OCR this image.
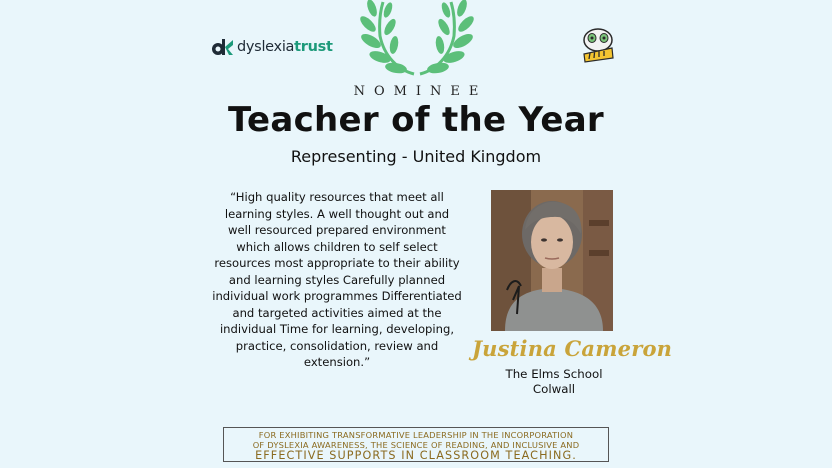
dyslexiatrust
NOMINEE
Teacher of the Year
Representing - United Kingdom
“High quality resources that meet all learning styles. A well thought out and well resourced prepared environment which allows children to self select resources most appropriate to their ability and learning styles Carefully planned individual work programmes Differentiated and targeted activities aimed at the individual Time for learning, developing, practice, consolidation, review and extension.”
Justina Cameron
The Elms School
Colwall
FOR EXHIBITING TRANSFORMATIVE LEADERSHIP IN THE INCORPORATION
OF DYSLEXIA AWARENESS, THE SCIENCE OF READING, AND INCLUSIVE AND
EFFECTIVE SUPPORTS IN CLASSROOM TEACHING.
